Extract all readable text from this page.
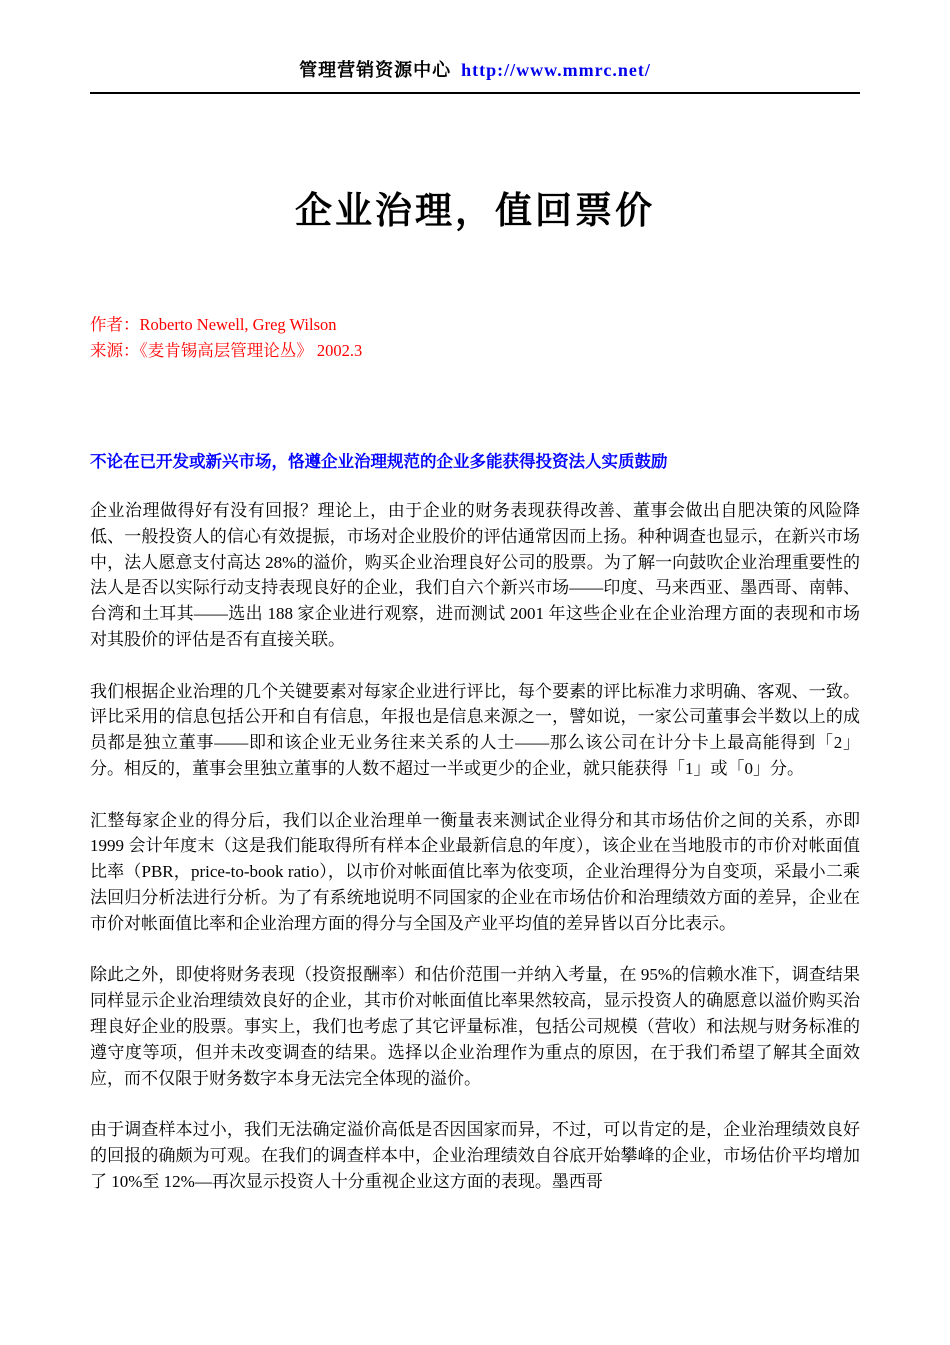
管理营销资源中心 http://www.mmrc.net/
企业治理，值回票价

作者：Roberto Newell, Greg Wilson

来源：《麦肯锡高层管理论丛》 2002.3

不论在已开发或新兴市场，恪遵企业治理规范的企业多能获得投资法人实质鼓励

企业治理做得好有没有回报？理论上，由于企业的财务表现获得改善、董事会做出自肥决策的风险降低、一般投资人的信心有效提振，市场对企业股价的评估通常因而上扬。种种调查也显示，在新兴市场中，法人愿意支付高达 28%的溢价，购买企业治理良好公司的股票。为了解一向鼓吹企业治理重要性的法人是否以实际行动支持表现良好的企业，我们自六个新兴市场――印度、马来西亚、墨西哥、南韩、台湾和土耳其――选出 188 家企业进行观察，进而测试 2001 年这些企业在企业治理方面的表现和市场对其股价的评估是否有直接关联。

我们根据企业治理的几个关键要素对每家企业进行评比，每个要素的评比标准力求明确、客观、一致。评比采用的信息包括公开和自有信息，年报也是信息来源之一，譬如说，一家公司董事会半数以上的成员都是独立董事――即和该企业无业务往来关系的人士――那么该公司在计分卡上最高能得到「2」分。相反的，董事会里独立董事的人数不超过一半或更少的企业，就只能获得「1」或「0」分。

汇整每家企业的得分后，我们以企业治理单一衡量表来测试企业得分和其市场估价之间的关系，亦即 1999 会计年度末（这是我们能取得所有样本企业最新信息的年度），该企业在当地股市的市价对帐面值比率（PBR，price-to-book ratio），以市价对帐面值比率为依变项，企业治理得分为自变项，采最小二乘法回归分析法进行分析。为了有系统地说明不同国家的企业在市场估价和治理绩效方面的差异，企业在市价对帐面值比率和企业治理方面的得分与全国及产业平均值的差异皆以百分比表示。

除此之外，即使将财务表现（投资报酬率）和估价范围一并纳入考量，在 95%的信赖水准下，调查结果同样显示企业治理绩效良好的企业，其市价对帐面值比率果然较高，显示投资人的确愿意以溢价购买治理良好企业的股票。事实上，我们也考虑了其它评量标准，包括公司规模（营收）和法规与财务标准的遵守度等项，但并未改变调查的结果。选择以企业治理作为重点的原因，在于我们希望了解其全面效应，而不仅限于财务数字本身无法完全体现的溢价。

由于调查样本过小，我们无法确定溢价高低是否因国家而异，不过，可以肯定的是，企业治理绩效良好的回报的确颇为可观。在我们的调查样本中，企业治理绩效自谷底开始攀峰的企业，市场估价平均增加了 10%至 12%—再次显示投资人十分重视企业这方面的表现。墨西哥
